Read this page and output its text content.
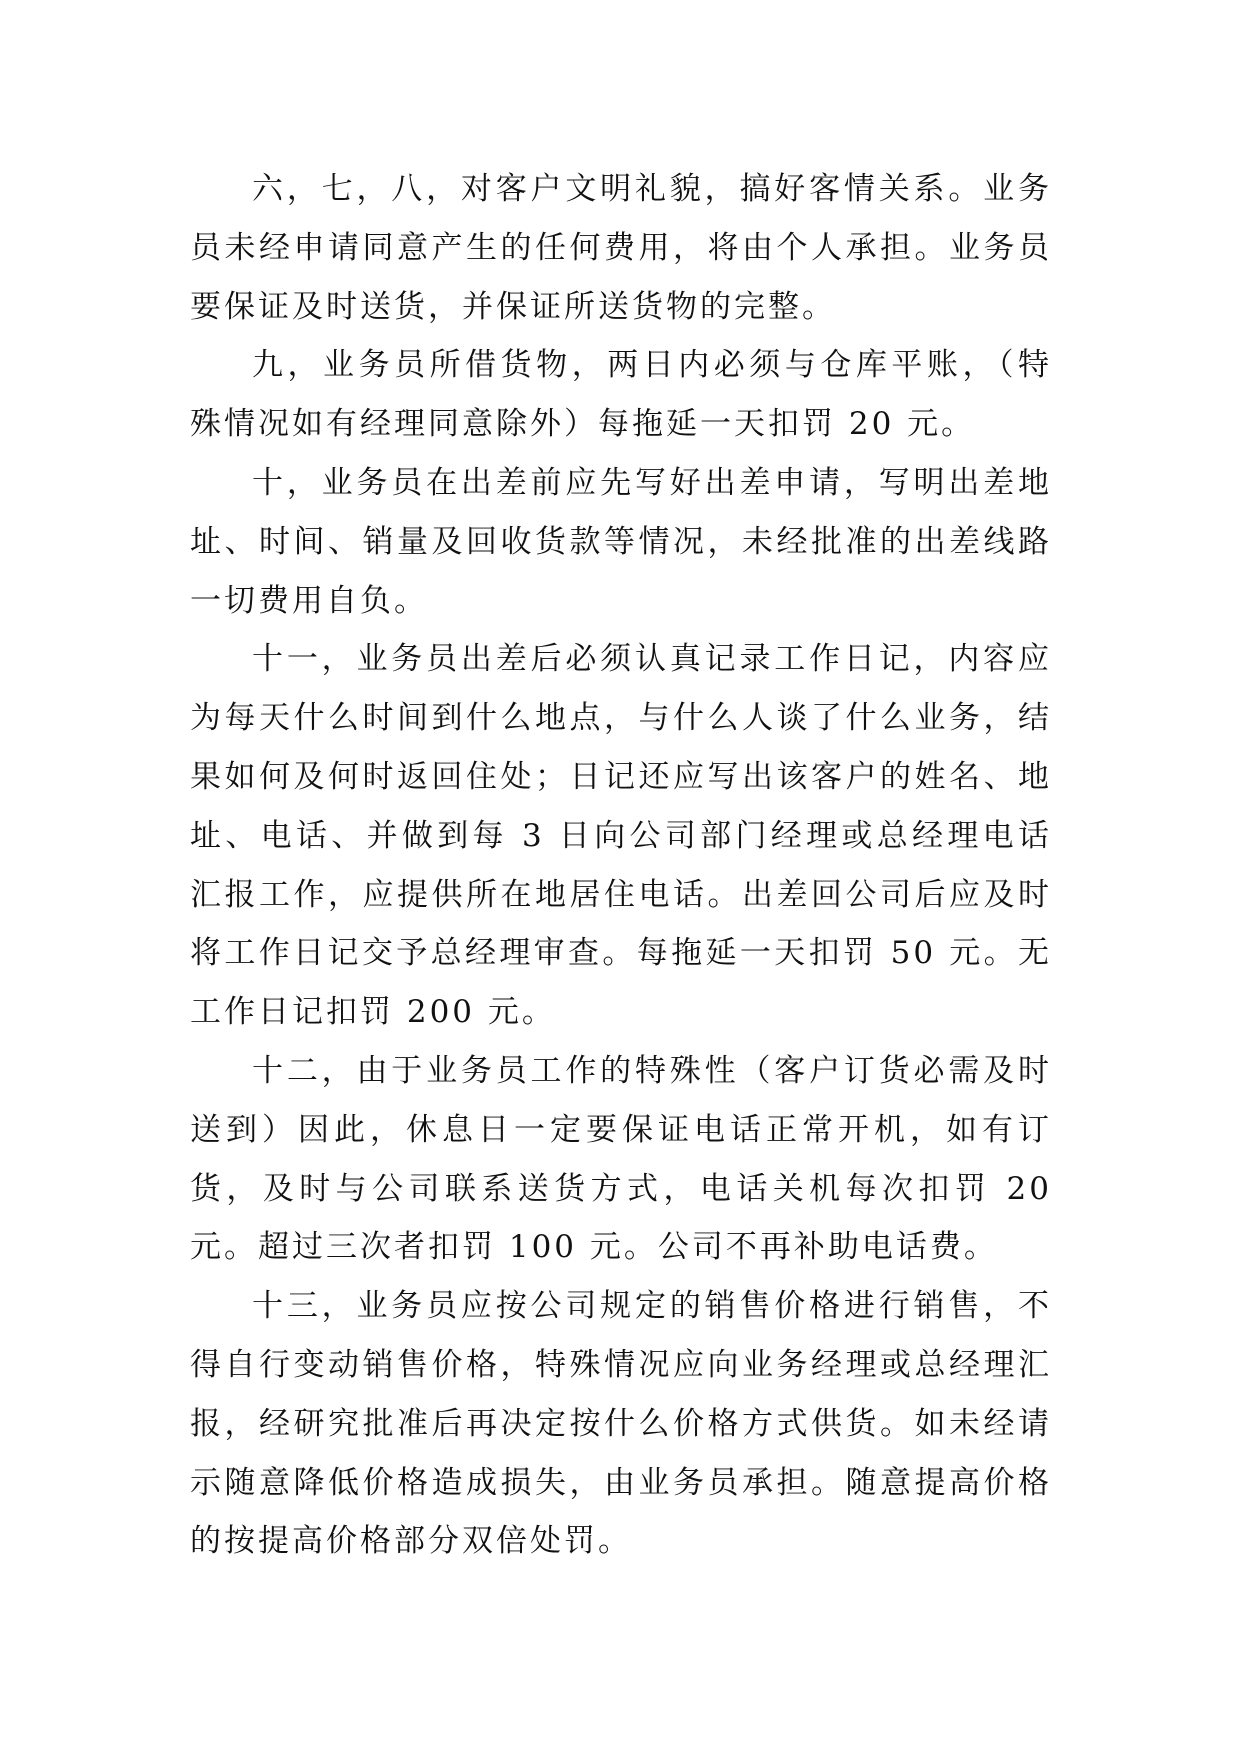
六，七，八，对客户文明礼貌，搞好客情关系。业务员未经申请同意产生的任何费用，将由个人承担。业务员要保证及时送货，并保证所送货物的完整。

九，业务员所借货物，两日内必须与仓库平账，（特殊情况如有经理同意除外）每拖延一天扣罚 20 元。

十，业务员在出差前应先写好出差申请，写明出差地址、时间、销量及回收货款等情况，未经批准的出差线路一切费用自负。

十一，业务员出差后必须认真记录工作日记，内容应为每天什么时间到什么地点，与什么人谈了什么业务，结果如何及何时返回住处；日记还应写出该客户的姓名、地址、电话、并做到每 3 日向公司部门经理或总经理电话汇报工作，应提供所在地居住电话。出差回公司后应及时将工作日记交予总经理审查。每拖延一天扣罚 50 元。无工作日记扣罚 200 元。

十二，由于业务员工作的特殊性（客户订货必需及时送到）因此，休息日一定要保证电话正常开机，如有订货，及时与公司联系送货方式，电话关机每次扣罚 20 元。超过三次者扣罚 100 元。公司不再补助电话费。

十三，业务员应按公司规定的销售价格进行销售，不得自行变动销售价格，特殊情况应向业务经理或总经理汇报，经研究批准后再决定按什么价格方式供货。如未经请示随意降低价格造成损失，由业务员承担。随意提高价格的按提高价格部分双倍处罚。
